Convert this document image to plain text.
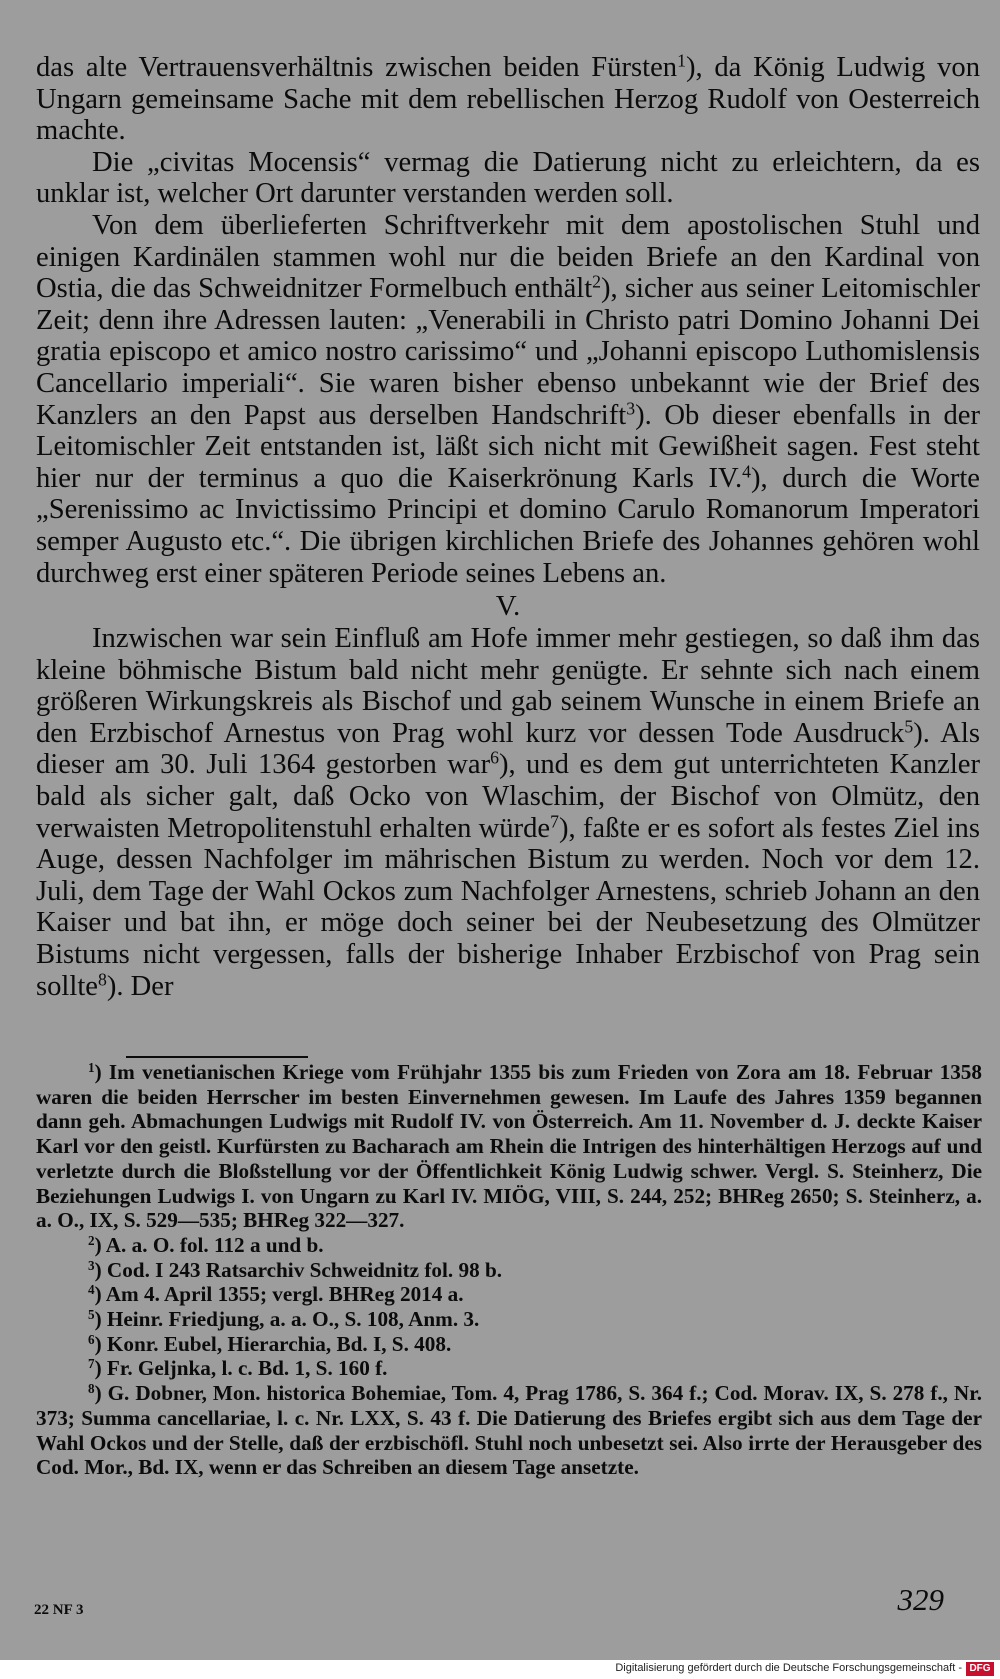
das alte Vertrauensverhältnis zwischen beiden Fürsten$^1$), da König Ludwig von Ungarn gemeinsame Sache mit dem rebellischen Herzog Rudolf von Oesterreich machte.

Die „civitas Mocensis“ vermag die Datierung nicht zu erleichtern, da es unklar ist, welcher Ort darunter verstanden werden soll.

Von dem überlieferten Schriftverkehr mit dem apostolischen Stuhl und einigen Kardinälen stammen wohl nur die beiden Briefe an den Kardinal von Ostia, die das Schweidnitzer Formelbuch enthält$^2$), sicher aus seiner Leitomischler Zeit; denn ihre Adressen lauten: „Venerabili in Christo patri Domino Johanni Dei gratia episcopo et amico nostro carissimo“ und „Johanni episcopo Luthomislensis Cancellario imperiali“. Sie waren bisher ebenso unbekannt wie der Brief des Kanzlers an den Papst aus derselben Handschrift$^3$). Ob dieser ebenfalls in der Leitomischler Zeit entstanden ist, läßt sich nicht mit Gewißheit sagen. Fest steht hier nur der terminus a quo die Kaiserkrönung Karls IV.$^4$), durch die Worte „Serenissimo ac Invictissimo Principi et domino Carulo Romanorum Imperatori semper Augusto etc.“. Die übrigen kirchlichen Briefe des Johannes gehören wohl durchweg erst einer späteren Periode seines Lebens an.

V.

Inzwischen war sein Einfluß am Hofe immer mehr gestiegen, so daß ihm das kleine böhmische Bistum bald nicht mehr genügte. Er sehnte sich nach einem größeren Wirkungskreis als Bischof und gab seinem Wunsche in einem Briefe an den Erzbischof Arnestus von Prag wohl kurz vor dessen Tode Ausdruck$^5$). Als dieser am 30. Juli 1364 gestorben war$^6$), und es dem gut unterrichteten Kanzler bald als sicher galt, daß Ocko von Wlaschim, der Bischof von Olmütz, den verwaisten Metropolitenstuhl erhalten würde$^7$), faßte er es sofort als festes Ziel ins Auge, dessen Nachfolger im mährischen Bistum zu werden. Noch vor dem 12. Juli, dem Tage der Wahl Ockos zum Nachfolger Arnestens, schrieb Johann an den Kaiser und bat ihn, er möge doch seiner bei der Neubesetzung des Olmützer Bistums nicht vergessen, falls der bisherige Inhaber Erzbischof von Prag sein sollte$^8$). Der

$^1$) Im venetianischen Kriege vom Frühjahr 1355 bis zum Frieden von Zora am 18. Februar 1358 waren die beiden Herrscher im besten Einvernehmen gewesen. Im Laufe des Jahres 1359 begannen dann geh. Abmachungen Ludwigs mit Rudolf IV. von Österreich. Am 11. November d. J. deckte Kaiser Karl vor den geistl. Kurfürsten zu Bacharach am Rhein die Intrigen des hinterhältigen Herzogs auf und verletzte durch die Bloßstellung vor der Öffentlichkeit König Ludwig schwer. Vergl. S. Steinherz, Die Beziehungen Ludwigs I. von Ungarn zu Karl IV. MIÖG, VIII, S. 244, 252; BHReg 2650; S. Steinherz, a. a. O., IX, S. 529—535; BHReg 322—327.

$^2$) A. a. O. fol. 112 a und b.

$^3$) Cod. I 243 Ratsarchiv Schweidnitz fol. 98 b.

$^4$) Am 4. April 1355; vergl. BHReg 2014 a.

$^5$) Heinr. Friedjung, a. a. O., S. 108, Anm. 3.

$^6$) Konr. Eubel, Hierarchia, Bd. I, S. 408.

$^7$) Fr. Geljnka, l. c. Bd. 1, S. 160 f.

$^8$) G. Dobner, Mon. historica Bohemiae, Tom. 4, Prag 1786, S. 364 f.; Cod. Morav. IX, S. 278 f., Nr. 373; Summa cancellariae, l. c. Nr. LXX, S. 43 f. Die Datierung des Briefes ergibt sich aus dem Tage der Wahl Ockos und der Stelle, daß der erzbischöfl. Stuhl noch unbesetzt sei. Also irrte der Herausgeber des Cod. Mor., Bd. IX, wenn er das Schreiben an diesem Tage ansetzte.

22 NF 3	329
Digitalisierung gefördert durch die Deutsche Forschungsgemeinschaft - DFG
